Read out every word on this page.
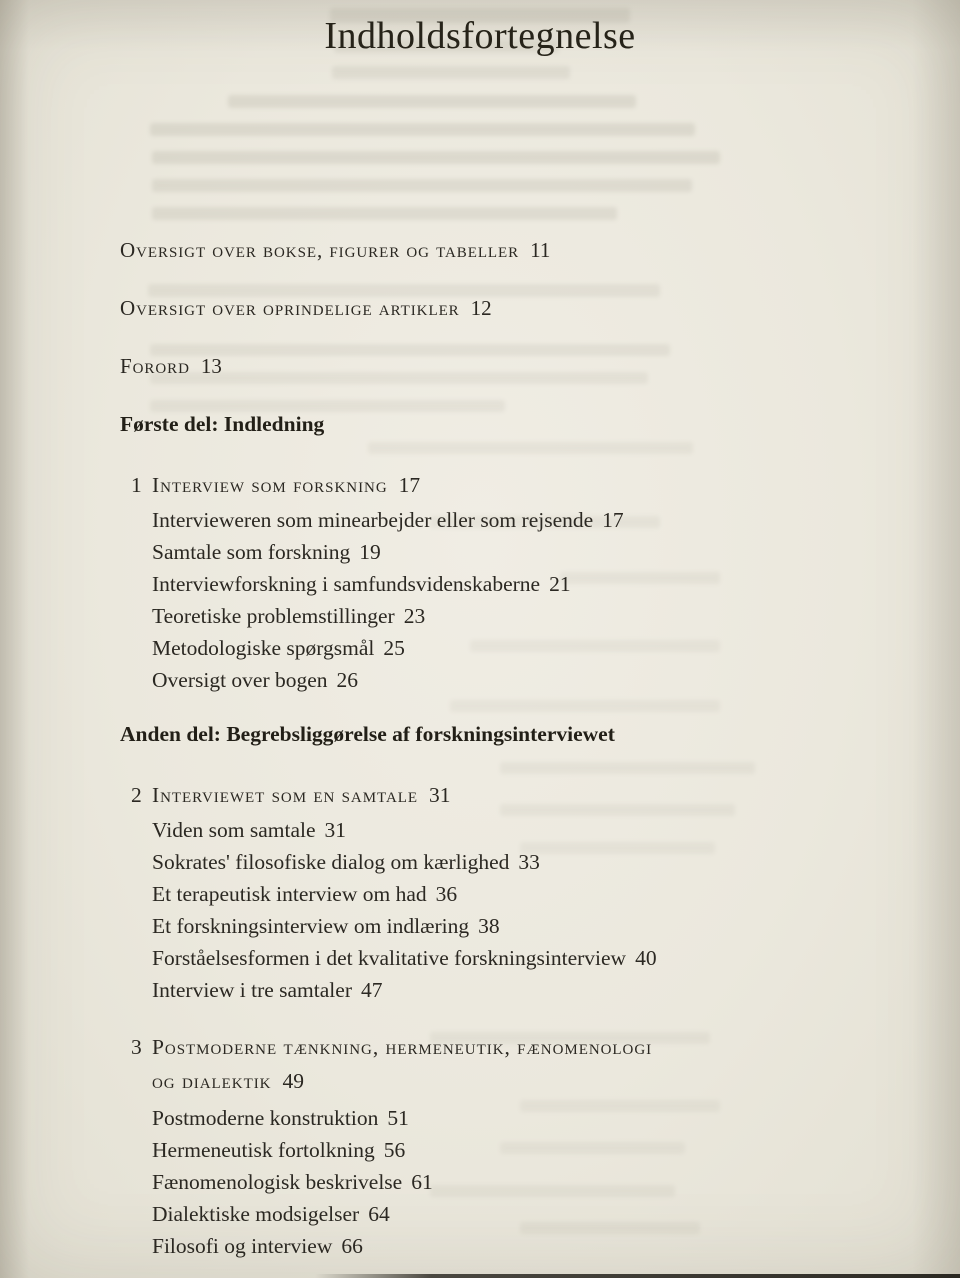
Indholdsfortegnelse
Oversigt over bokse, figurer og tabeller 11
Oversigt over oprindelige artikler 12
Forord 13
Første del: Indledning
1 Interview som forskning 17
Intervieweren som minearbejder eller som rejsende 17
Samtale som forskning 19
Interviewforskning i samfundsvidenskaberne 21
Teoretiske problemstillinger 23
Metodologiske spørgsmål 25
Oversigt over bogen 26
Anden del: Begrebsliggørelse af forskningsinterviewet
2 Interviewet som en samtale 31
Viden som samtale 31
Sokrates' filosofiske dialog om kærlighed 33
Et terapeutisk interview om had 36
Et forskningsinterview om indlæring 38
Forståelsesformen i det kvalitative forskningsinterview 40
Interview i tre samtaler 47
3 Postmoderne tænkning, hermeneutik, fænomenologi
og dialektik 49
Postmoderne konstruktion 51
Hermeneutisk fortolkning 56
Fænomenologisk beskrivelse 61
Dialektiske modsigelser 64
Filosofi og interview 66
